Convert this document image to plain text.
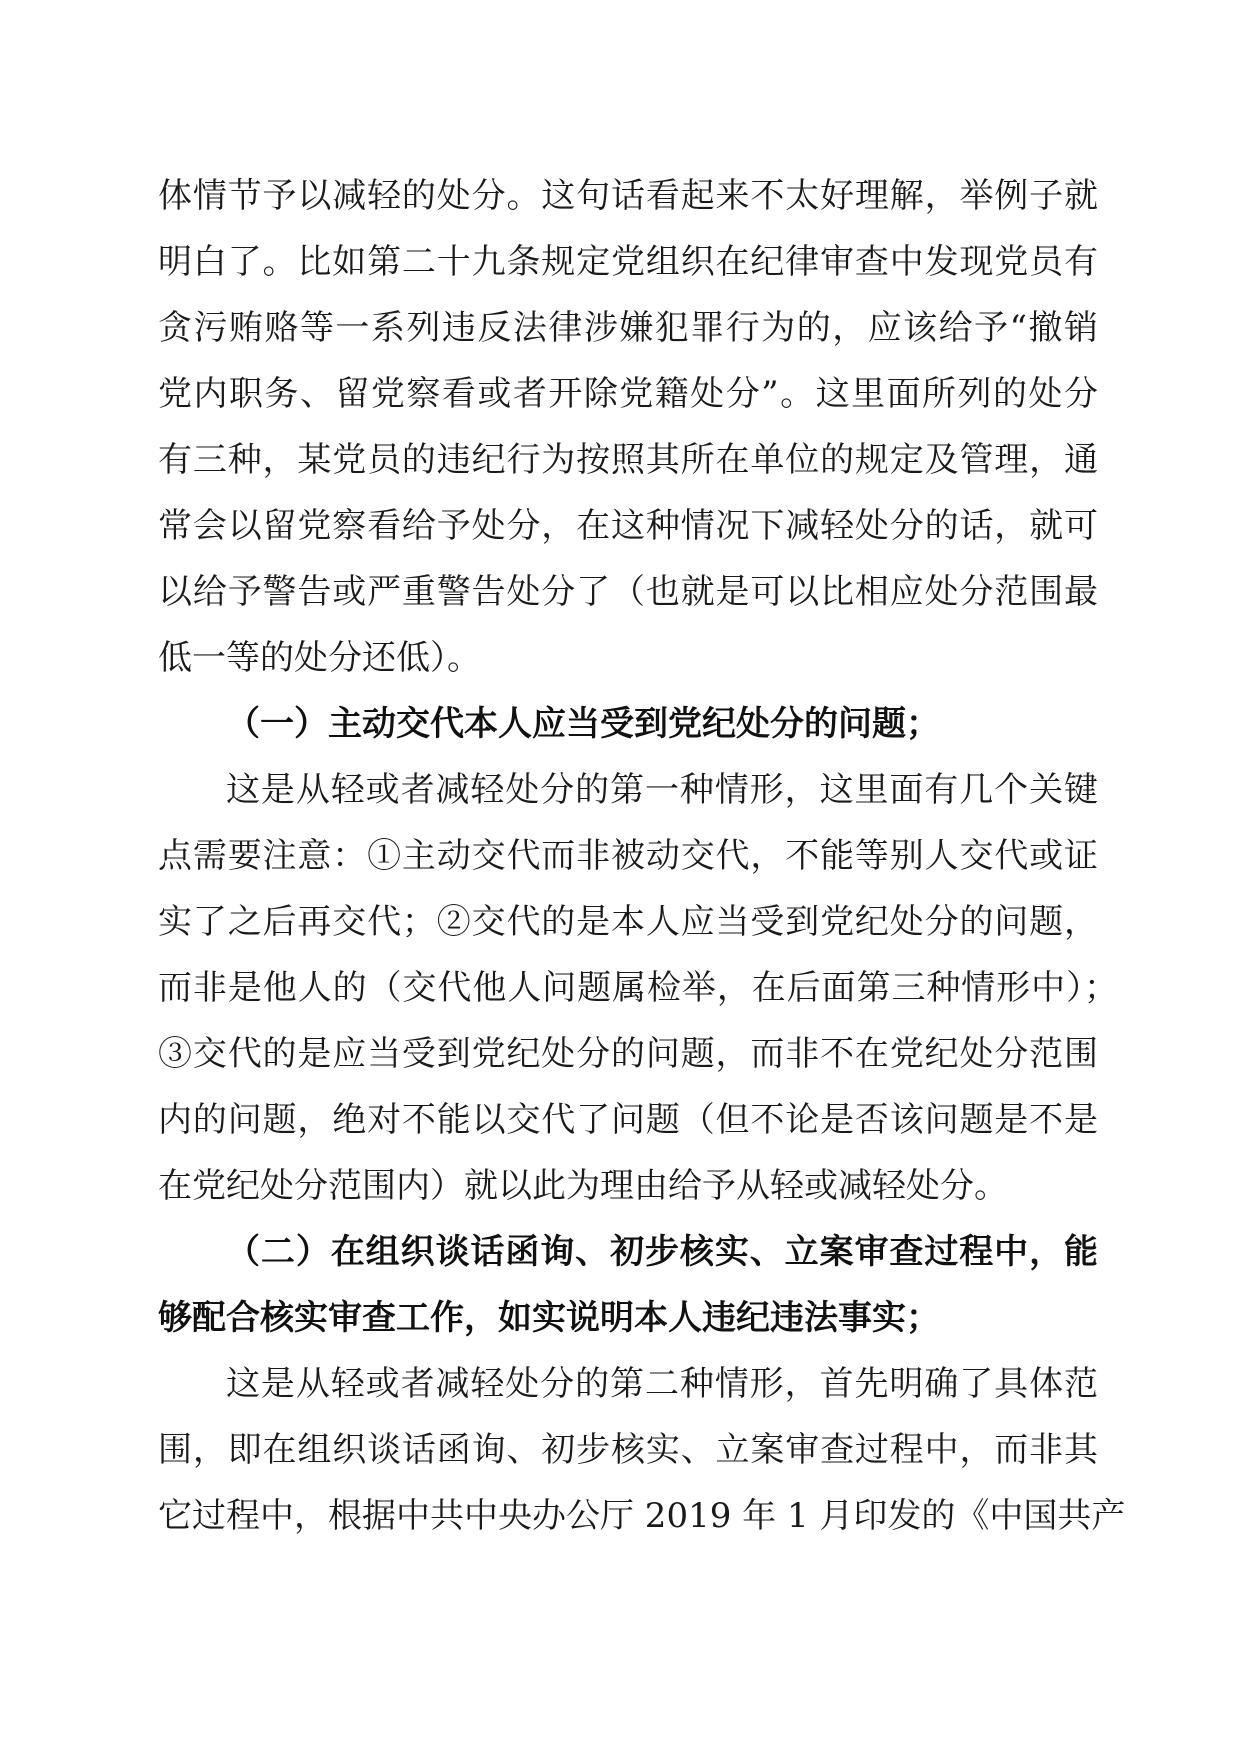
体情节予以减轻的处分。这句话看起来不太好理解，举例子就

明白了。比如第二十九条规定党组织在纪律审查中发现党员有

贪污贿赂等一系列违反法律涉嫌犯罪行为的，应该给予“撤销

党内职务、留党察看或者开除党籍处分”。这里面所列的处分

有三种，某党员的违纪行为按照其所在单位的规定及管理，通

常会以留党察看给予处分，在这种情况下减轻处分的话，就可

以给予警告或严重警告处分了（也就是可以比相应处分范围最

低一等的处分还低）。

（一）主动交代本人应当受到党纪处分的问题；

这是从轻或者减轻处分的第一种情形，这里面有几个关键

点需要注意：①主动交代而非被动交代，不能等别人交代或证

实了之后再交代；②交代的是本人应当受到党纪处分的问题，

而非是他人的（交代他人问题属检举，在后面第三种情形中）；

③交代的是应当受到党纪处分的问题，而非不在党纪处分范围

内的问题，绝对不能以交代了问题（但不论是否该问题是不是

在党纪处分范围内）就以此为理由给予从轻或减轻处分。

（二）在组织谈话函询、初步核实、立案审查过程中，能

够配合核实审查工作，如实说明本人违纪违法事实；

这是从轻或者减轻处分的第二种情形，首先明确了具体范

围，即在组织谈话函询、初步核实、立案审查过程中，而非其

它过程中，根据中共中央办公厅 2019 年 1 月印发的《中国共产
